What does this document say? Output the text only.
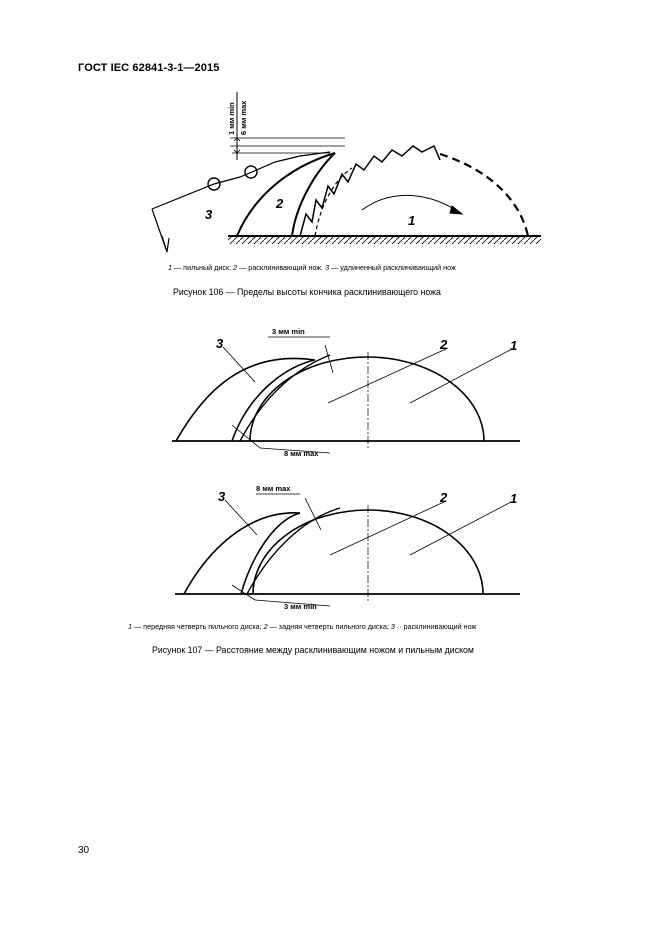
ГОСТ IEC 62841-3-1—2015
1 мм min 6 мм max
3
2
1
3 мм min
8 мм max
3	2	1
8 мм max
3 мм min
3	2	1
1 — пильный диск; 2 — расклинивающий нож. 3 — удлиненный расклинивающий нож
Рисунок 106 — Пределы высоты кончика расклинивающего ножа
1 — передняя четверть пильного диска; 2 — задняя четверть пильного диска; 3 ·· расклинивающий нож
Рисунок 107 — Расстояние между расклинивающим ножом и пильным диском
30
